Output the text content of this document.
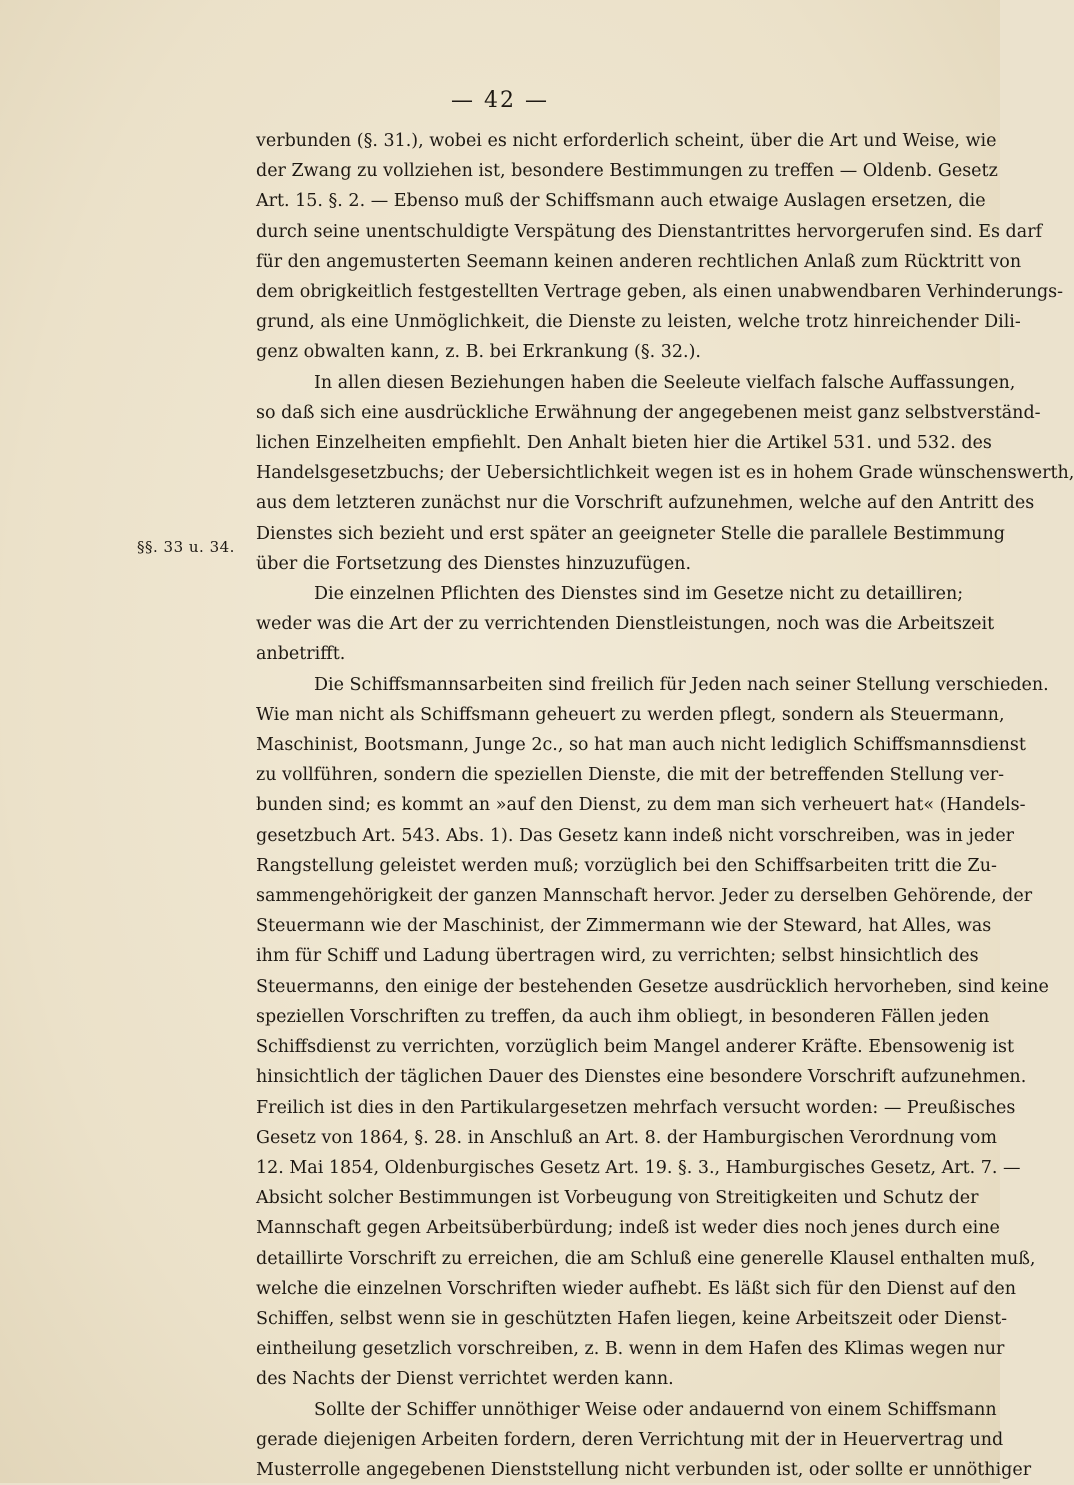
— 42 —
§§. 33 u. 34.

verbunden (§. 31.), wobei es nicht erforderlich scheint, über die Art und Weise, wie
der Zwang zu vollziehen ist, besondere Bestimmungen zu treffen — Oldenb. Gesetz
Art. 15. §. 2. — Ebenso muß der Schiffsmann auch etwaige Auslagen ersetzen, die
durch seine unentschuldigte Verspätung des Dienstantrittes hervorgerufen sind. Es darf
für den angemusterten Seemann keinen anderen rechtlichen Anlaß zum Rücktritt von
dem obrigkeitlich festgestellten Vertrage geben, als einen unabwendbaren Verhinderungs-
grund, als eine Unmöglichkeit, die Dienste zu leisten, welche trotz hinreichender Dili-
genz obwalten kann, z. B. bei Erkrankung (§. 32.).

In allen diesen Beziehungen haben die Seeleute vielfach falsche Auffassungen,
so daß sich eine ausdrückliche Erwähnung der angegebenen meist ganz selbstverständ-
lichen Einzelheiten empfiehlt. Den Anhalt bieten hier die Artikel 531. und 532. des
Handelsgesetzbuchs; der Uebersichtlichkeit wegen ist es in hohem Grade wünschenswerth,
aus dem letzteren zunächst nur die Vorschrift aufzunehmen, welche auf den Antritt des
Dienstes sich bezieht und erst später an geeigneter Stelle die parallele Bestimmung
über die Fortsetzung des Dienstes hinzuzufügen.

Die einzelnen Pflichten des Dienstes sind im Gesetze nicht zu detailliren;
weder was die Art der zu verrichtenden Dienstleistungen, noch was die Arbeitszeit
anbetrifft.

Die Schiffsmannsarbeiten sind freilich für Jeden nach seiner Stellung verschieden.
Wie man nicht als Schiffsmann geheuert zu werden pflegt, sondern als Steuermann,
Maschinist, Bootsmann, Junge 2c., so hat man auch nicht lediglich Schiffsmannsdienst
zu vollführen, sondern die speziellen Dienste, die mit der betreffenden Stellung ver-
bunden sind; es kommt an »auf den Dienst, zu dem man sich verheuert hat« (Handels-
gesetzbuch Art. 543. Abs. 1). Das Gesetz kann indeß nicht vorschreiben, was in jeder
Rangstellung geleistet werden muß; vorzüglich bei den Schiffsarbeiten tritt die Zu-
sammengehörigkeit der ganzen Mannschaft hervor. Jeder zu derselben Gehörende, der
Steuermann wie der Maschinist, der Zimmermann wie der Steward, hat Alles, was
ihm für Schiff und Ladung übertragen wird, zu verrichten; selbst hinsichtlich des
Steuermanns, den einige der bestehenden Gesetze ausdrücklich hervorheben, sind keine
speziellen Vorschriften zu treffen, da auch ihm obliegt, in besonderen Fällen jeden
Schiffsdienst zu verrichten, vorzüglich beim Mangel anderer Kräfte. Ebensowenig ist
hinsichtlich der täglichen Dauer des Dienstes eine besondere Vorschrift aufzunehmen.
Freilich ist dies in den Partikulargesetzen mehrfach versucht worden: — Preußisches
Gesetz von 1864, §. 28. in Anschluß an Art. 8. der Hamburgischen Verordnung vom
12. Mai 1854, Oldenburgisches Gesetz Art. 19. §. 3., Hamburgisches Gesetz, Art. 7. —
Absicht solcher Bestimmungen ist Vorbeugung von Streitigkeiten und Schutz der
Mannschaft gegen Arbeitsüberbürdung; indeß ist weder dies noch jenes durch eine
detaillirte Vorschrift zu erreichen, die am Schluß eine generelle Klausel enthalten muß,
welche die einzelnen Vorschriften wieder aufhebt. Es läßt sich für den Dienst auf den
Schiffen, selbst wenn sie in geschützten Hafen liegen, keine Arbeitszeit oder Dienst-
eintheilung gesetzlich vorschreiben, z. B. wenn in dem Hafen des Klimas wegen nur
des Nachts der Dienst verrichtet werden kann.

Sollte der Schiffer unnöthiger Weise oder andauernd von einem Schiffsmann
gerade diejenigen Arbeiten fordern, deren Verrichtung mit der in Heuervertrag und
Musterrolle angegebenen Dienststellung nicht verbunden ist, oder sollte er unnöthiger
